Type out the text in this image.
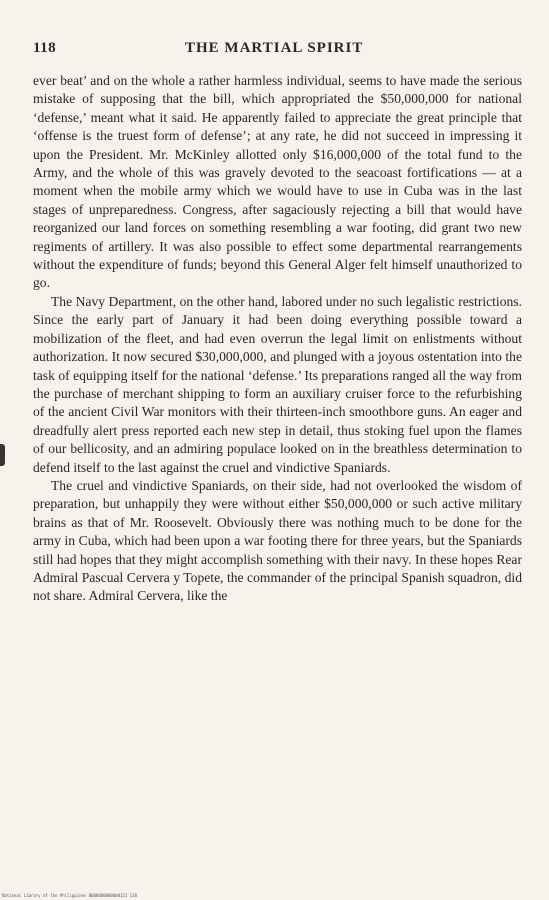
118	THE MARTIAL SPIRIT

ever beat’ and on the whole a rather harmless individual, seems to have made the serious mistake of supposing that the bill, which appropriated the $50,000,000 for national ‘defense,’ meant what it said. He apparently failed to appreciate the great principle that ‘offense is the truest form of defense’; at any rate, he did not succeed in impressing it upon the President. Mr. McKinley allotted only $16,000,000 of the total fund to the Army, and the whole of this was gravely devoted to the seacoast fortifications — at a moment when the mobile army which we would have to use in Cuba was in the last stages of unpreparedness. Congress, after sagaciously rejecting a bill that would have reorganized our land forces on something resembling a war footing, did grant two new regiments of artillery. It was also possible to effect some departmental rearrangements without the expenditure of funds; beyond this General Alger felt himself unauthorized to go.

The Navy Department, on the other hand, labored under no such legalistic restrictions. Since the early part of January it had been doing everything possible toward a mobilization of the fleet, and had even overrun the legal limit on enlistments without authorization. It now secured $30,000,000, and plunged with a joyous ostentation into the task of equipping itself for the national ‘defense.’ Its preparations ranged all the way from the purchase of merchant shipping to form an auxiliary cruiser force to the refurbishing of the ancient Civil War monitors with their thirteen-inch smoothbore guns. An eager and dreadfully alert press reported each new step in detail, thus stoking fuel upon the flames of our bellicosity, and an admiring populace looked on in the breathless determination to defend itself to the last against the cruel and vindictive Spaniards.

The cruel and vindictive Spaniards, on their side, had not overlooked the wisdom of preparation, but unhappily they were without either $50,000,000 or such active military brains as that of Mr. Roosevelt. Obviously there was nothing much to be done for the army in Cuba, which had been upon a war footing there for three years, but the Spaniards still had hopes that they might accomplish something with their navy. In these hopes Rear Admiral Pascual Cervera y Topete, the commander of the principal Spanish squadron, did not share. Admiral Cervera, like the

National Library of the Philippines 0000000000000121 118
